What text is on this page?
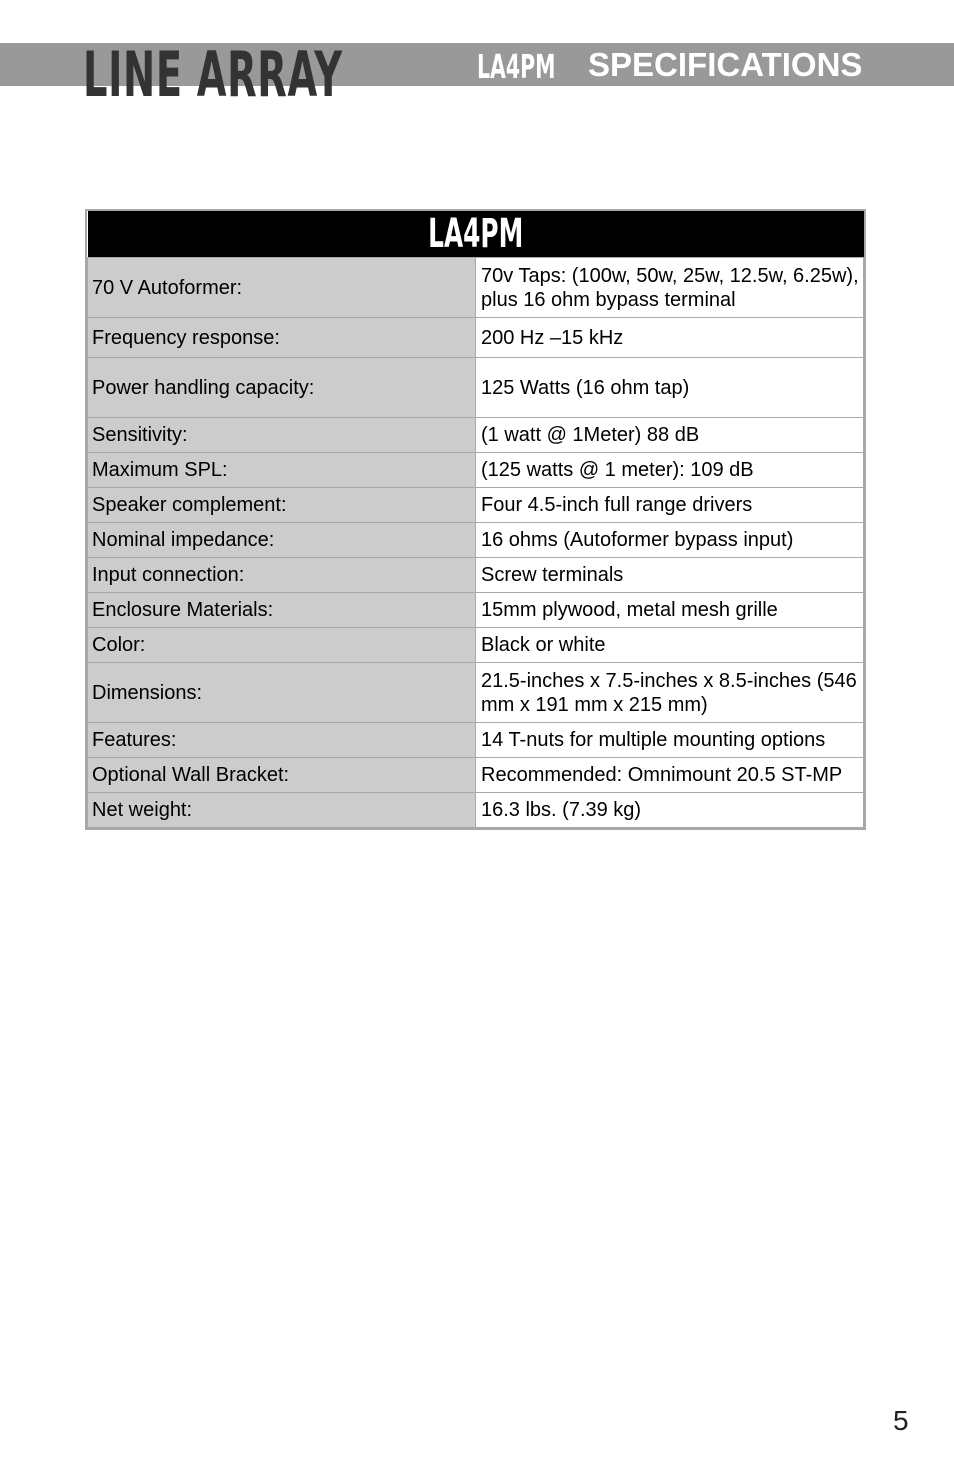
LINE ARRAY	LA4PM SPECIFICATIONS
LA4PM	
70 V Autoformer:	70v Taps: (100w, 50w, 25w, 12.5w, 6.25w), plus 16 ohm bypass terminal
Frequency response:	200 Hz –15 kHz
Power handling capacity:	125 Watts (16 ohm tap)
Sensitivity:	(1 watt @ 1Meter) 88 dB
Maximum SPL:	(125 watts @ 1 meter): 109 dB
Speaker complement:	Four 4.5-inch full range drivers
Nominal impedance:	16 ohms (Autoformer bypass input)
Input connection:	Screw terminals
Enclosure Materials:	15mm plywood, metal mesh grille
Color:	Black or white
Dimensions:	21.5-inches x 7.5-inches x 8.5-inches (546 mm x 191 mm x 215 mm)
Features:	14 T-nuts for multiple mounting options
Optional Wall Bracket:	Recommended: Omnimount 20.5 ST-MP
Net weight:	16.3 lbs. (7.39 kg)
5
